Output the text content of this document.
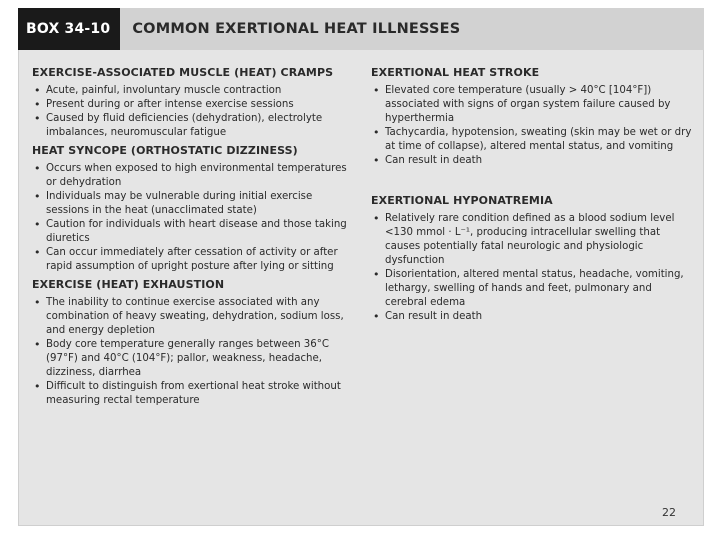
BOX 34-10	COMMON EXERTIONAL HEAT ILLNESSES
EXERCISE-ASSOCIATED MUSCLE (HEAT) CRAMPS
• Acute, painful, involuntary muscle contraction
• Present during or after intense exercise sessions
• Caused by fluid deficiencies (dehydration), electrolyte imbalances, neuromuscular fatigue
HEAT SYNCOPE (ORTHOSTATIC DIZZINESS)
• Occurs when exposed to high environmental temperatures or dehydration
• Individuals may be vulnerable during initial exercise sessions in the heat (unacclimated state)
• Caution for individuals with heart disease and those taking diuretics
• Can occur immediately after cessation of activity or after rapid assumption of upright posture after lying or sitting
EXERCISE (HEAT) EXHAUSTION
• The inability to continue exercise associated with any combination of heavy sweating, dehydration, sodium loss, and energy depletion
• Body core temperature generally ranges between 36°C (97°F) and 40°C (104°F); pallor, weakness, headache, dizziness, diarrhea
• Difficult to distinguish from exertional heat stroke without measuring rectal temperature
EXERTIONAL HEAT STROKE
• Elevated core temperature (usually > 40°C [104°F]) associated with signs of organ system failure caused by hyperthermia
• Tachycardia, hypotension, sweating (skin may be wet or dry at time of collapse), altered mental status, and vomiting
• Can result in death
EXERTIONAL HYPONATREMIA
• Relatively rare condition defined as a blood sodium level <130 mmol · L⁻¹, producing intracellular swelling that causes potentially fatal neurologic and physiologic dysfunction
• Disorientation, altered mental status, headache, vomiting, lethargy, swelling of hands and feet, pulmonary and cerebral edema
• Can result in death
22
